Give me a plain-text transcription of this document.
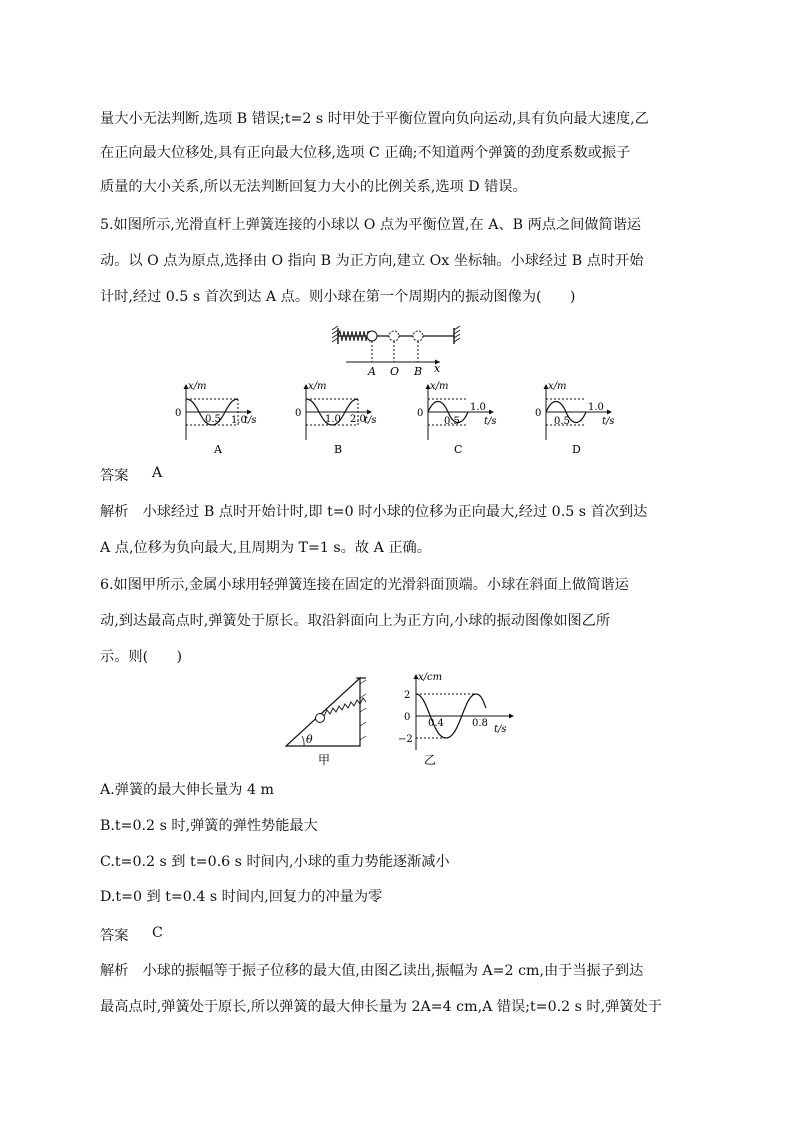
量大小无法判断,选项 B 错误;t=2 s 时甲处于平衡位置向负向运动,具有负向最大速度,乙
在正向最大位移处,具有正向最大位移,选项 C 正确;不知道两个弹簧的劲度系数或振子
质量的大小关系,所以无法判断回复力大小的比例关系,选项 D 错误。
5.如图所示,光滑直杆上弹簧连接的小球以 O 点为平衡位置,在 A、B 两点之间做简谐运
动。以 O 点为原点,选择由 O 指向 B 为正方向,建立 Ox 坐标轴。小球经过 B 点时开始
计时,经过 0.5 s 首次到达 A 点。则小球在第一个周期内的振动图像为(　　)
A O B x
x/m
0
0.5 1.0
t/s
A
x/m
0
1.0 2.0
t/s
B
x/m
0
0.5
1.0
t/s
C
x/m
0
0.5
1.0
t/s
D
答案 A
解析　小球经过 B 点时开始计时,即 t=0 时小球的位移为正向最大,经过 0.5 s 首次到达
A 点,位移为负向最大,且周期为 T=1 s。故 A 正确。
6.如图甲所示,金属小球用轻弹簧连接在固定的光滑斜面顶端。小球在斜面上做简谐运
动,到达最高点时,弹簧处于原长。取沿斜面向上为正方向,小球的振动图像如图乙所
示。则(　　)
θ
甲
x/cm
2
0
−2
0.4	0.8
t/s
乙
A.弹簧的最大伸长量为 4 m
B.t=0.2 s 时,弹簧的弹性势能最大
C.t=0.2 s 到 t=0.6 s 时间内,小球的重力势能逐渐减小
D.t=0 到 t=0.4 s 时间内,回复力的冲量为零
答案 C
解析　小球的振幅等于振子位移的最大值,由图乙读出,振幅为 A=2 cm,由于当振子到达
最高点时,弹簧处于原长,所以弹簧的最大伸长量为 2A=4 cm,A 错误;t=0.2 s 时,弹簧处于
